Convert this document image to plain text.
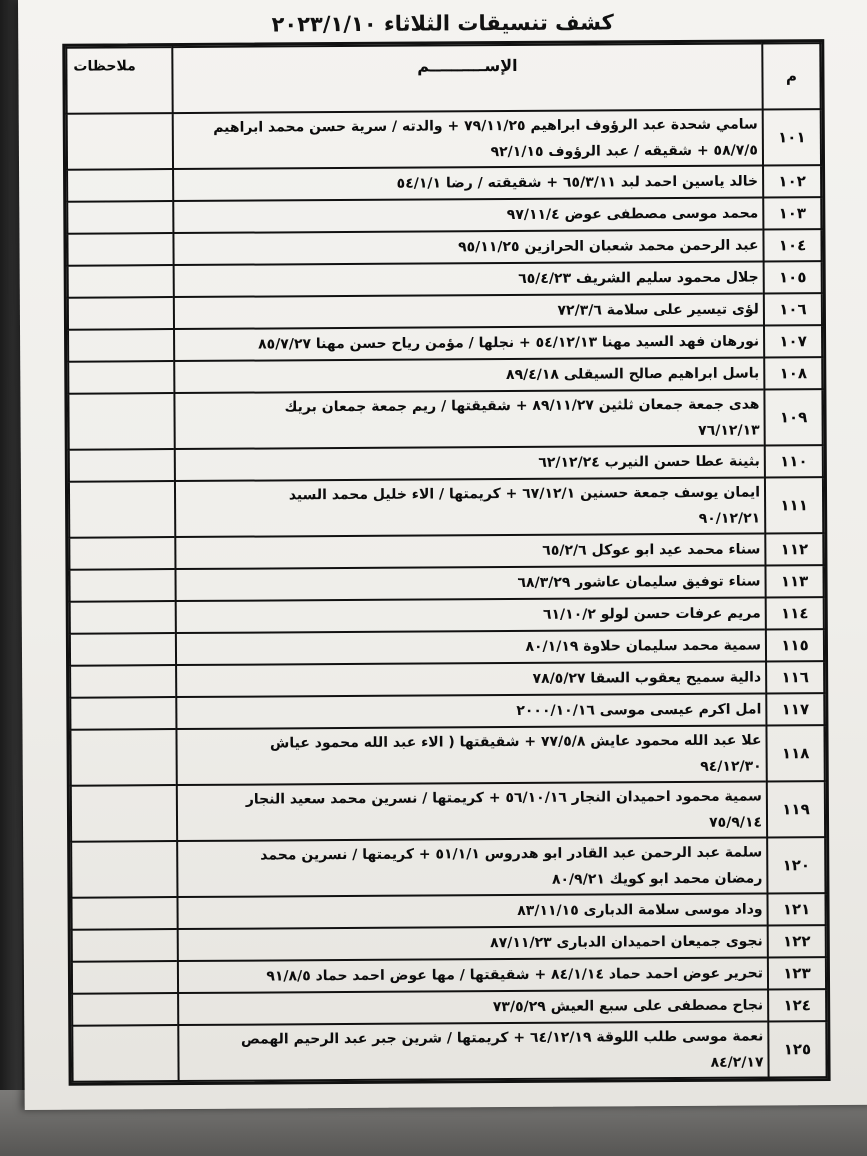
كشف تنسيقات الثلاثاء ٢٠٢٣/١/١٠
م	الإســــــــــم	ملاحظات
١٠١	سامي شحدة عبد الرؤوف ابراهيم ٧٩/١١/٢٥ + والدته / سرية حسن محمد ابراهيم
٥٨/٧/٥ + شقيقه / عبد الرؤوف ٩٢/١/١٥	

١٠٢	خالد ياسين احمد لبد ٦٥/٣/١١ + شقيقته / رضا ٥٤/١/١	

١٠٣	محمد موسى مصطفى عوض ٩٧/١١/٤	

١٠٤	عبد الرحمن محمد شعبان الحرازين ٩٥/١١/٢٥	

١٠٥	جلال محمود سليم الشريف ٦٥/٤/٢٣	

١٠٦	لؤى تيسير على سلامة ٧٢/٣/٦	

١٠٧	نورهان فهد السيد مهنا ٥٤/١٢/١٣ + نجلها / مؤمن رياح حسن مهنا ٨٥/٧/٢٧	

١٠٨	باسل ابراهيم صالح السيقلى ٨٩/٤/١٨	

١٠٩	هدى جمعة جمعان ثلثين ٨٩/١١/٢٧ + شقيقتها / ريم جمعة جمعان بريك
٧٦/١٢/١٣	

١١٠	بثينة عطا حسن النيرب ٦٢/١٢/٢٤	

١١١	ايمان يوسف جمعة حسنين ٦٧/١٢/١ + كريمتها / الاء خليل محمد السيد
٩٠/١٢/٢١	

١١٢	سناء محمد عيد ابو عوكل ٦٥/٢/٦	

١١٣	سناء توفيق سليمان عاشور ٦٨/٣/٢٩	

١١٤	مريم عرفات حسن لولو ٦١/١٠/٢	

١١٥	سمية محمد سليمان حلاوة ٨٠/١/١٩	

١١٦	دالية سميح يعقوب السقا ٧٨/٥/٢٧	

١١٧	امل اكرم عيسى موسى ٢٠٠٠/١٠/١٦	

١١٨	علا عبد الله محمود عايش ٧٧/٥/٨ + شقيقتها ( الاء عبد الله محمود عياش
٩٤/١٢/٣٠	

١١٩	سمية محمود احميدان النجار ٥٦/١٠/١٦ + كريمتها / نسرين محمد سعيد النجار
٧٥/٩/١٤	

١٢٠	سلمة عبد الرحمن عبد القادر ابو هدروس ٥١/١/١ + كريمتها / نسرين محمد
رمضان محمد ابو كويك ٨٠/٩/٢١	

١٢١	وداد موسى سلامة الدبارى ٨٣/١١/١٥	

١٢٢	نجوى جميعان احميدان الدبارى ٨٧/١١/٢٣	

١٢٣	تحرير عوض احمد حماد ٨٤/١/١٤ + شقيقتها / مها عوض احمد حماد ٩١/٨/٥	

١٢٤	نجاح مصطفى على سبع العيش ٧٣/٥/٢٩	

١٢٥	نعمة موسى طلب اللوقة ٦٤/١٢/١٩ + كريمتها / شرين جبر عبد الرحيم الهمص
٨٤/٢/١٧	
